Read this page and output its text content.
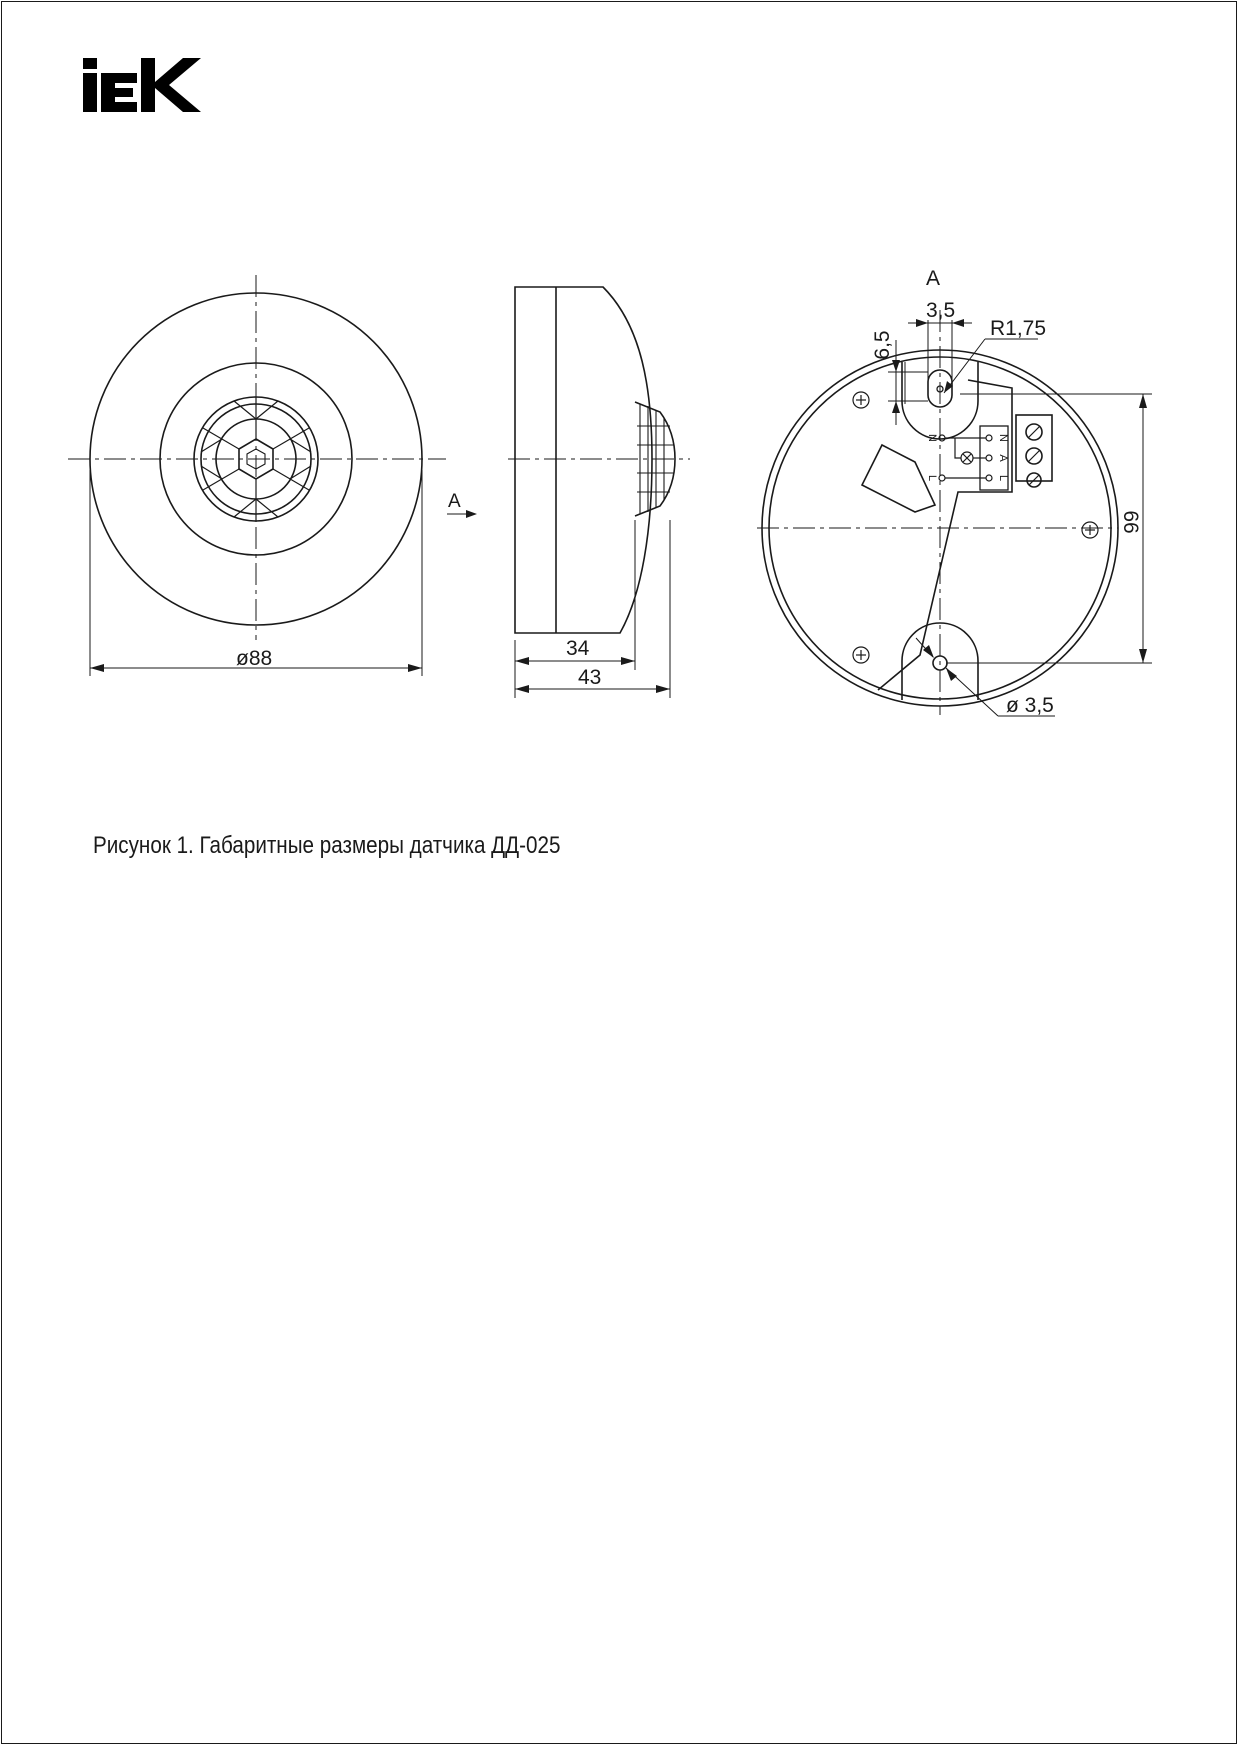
ø88
A
34
43
A
3,5
6,5
R1,75
66
ø 3,5
N
L
N
A
L
Рисунок 1. Габаритные размеры датчика ДД-025
